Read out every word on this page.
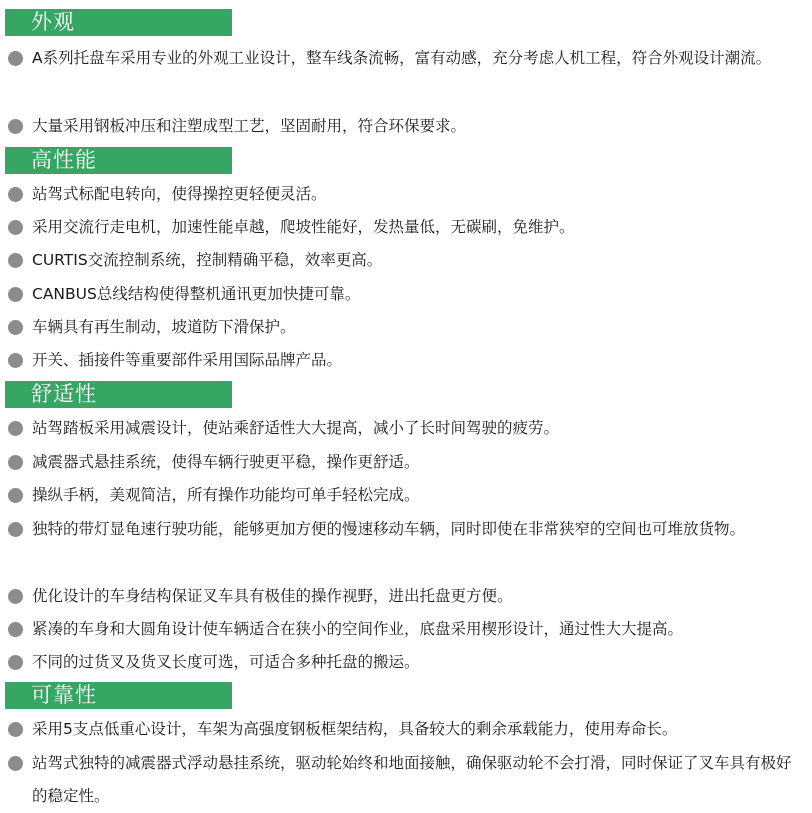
外观
A系列托盘车采用专业的外观工业设计，整车线条流畅，富有动感，充分考虑人机工程，符合外观设计潮流。
大量采用钢板冲压和注塑成型工艺，坚固耐用，符合环保要求。
高性能
站驾式标配电转向，使得操控更轻便灵活。
采用交流行走电机，加速性能卓越，爬坡性能好，发热量低，无碳刷，免维护。
CURTIS交流控制系统，控制精确平稳，效率更高。
CANBUS总线结构使得整机通讯更加快捷可靠。
车辆具有再生制动，坡道防下滑保护。
开关、插接件等重要部件采用国际品牌产品。
舒适性
站驾踏板采用减震设计，使站乘舒适性大大提高，减小了长时间驾驶的疲劳。
减震器式悬挂系统，使得车辆行驶更平稳，操作更舒适。
操纵手柄，美观简洁，所有操作功能均可单手轻松完成。
独特的带灯显龟速行驶功能，能够更加方便的慢速移动车辆，同时即使在非常狭窄的空间也可堆放货物。
优化设计的车身结构保证叉车具有极佳的操作视野，进出托盘更方便。
紧凑的车身和大圆角设计使车辆适合在狭小的空间作业，底盘采用楔形设计，通过性大大提高。
不同的过货叉及货叉长度可选，可适合多种托盘的搬运。
可靠性
采用5支点低重心设计，车架为高强度钢板框架结构，具备较大的剩余承载能力，使用寿命长。
站驾式独特的减震器式浮动悬挂系统，驱动轮始终和地面接触，确保驱动轮不会打滑，同时保证了叉车具有极好的稳定性。
